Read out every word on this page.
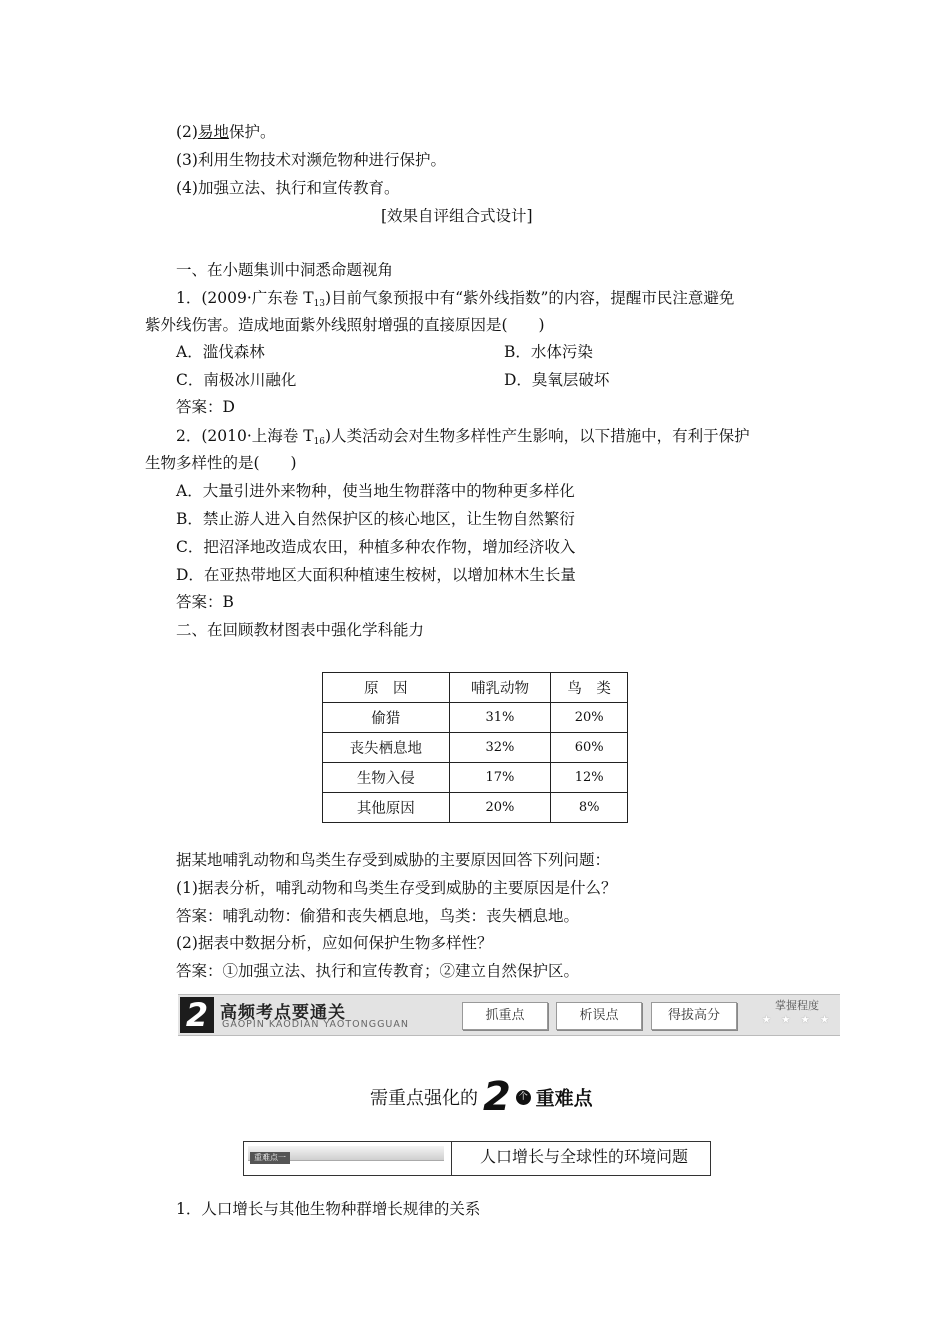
(2)易地保护。
(3)利用生物技术对濒危物种进行保护。
(4)加强立法、执行和宣传教育。
[效果自评组合式设计]
一、在小题集训中洞悉命题视角
1．(2009·广东卷 $T_{13}$)目前气象预报中有“紫外线指数”的内容，提醒市民注意避免
紫外线伤害。造成地面紫外线照射增强的直接原因是(　　)
A．滥伐森林	B．水体污染
C．南极冰川融化	D．臭氧层破坏
答案：D
2．(2010·上海卷 $T_{16}$)人类活动会对生物多样性产生影响，以下措施中，有利于保护
生物多样性的是(　　)
A．大量引进外来物种，使当地生物群落中的物种更多样化
B．禁止游人进入自然保护区的核心地区，让生物自然繁衍
C．把沼泽地改造成农田，种植多种农作物，增加经济收入
D．在亚热带地区大面积种植速生桉树，以增加林木生长量
答案：B
二、在回顾教材图表中强化学科能力
原　因	哺乳动物	鸟　类
偷猎	31%	20%
丧失栖息地	32%	60%
生物入侵	17%	12%
其他原因	20%	8%
据某地哺乳动物和鸟类生存受到威胁的主要原因回答下列问题：
(1)据表分析，哺乳动物和鸟类生存受到威胁的主要原因是什么？
答案：哺乳动物：偷猎和丧失栖息地，鸟类：丧失栖息地。
(2)据表中数据分析，应如何保护生物多样性？
答案：①加强立法、执行和宣传教育；②建立自然保护区。
2 高频考点要通关
GAOPIN KAODIAN YAOTONGGUAN
抓重点	析误点	得拔高分
掌握程度
★ ★ ★ ★
需重点强化的 2 个 重难点
重难点一	人口增长与全球性的环境问题
1．人口增长与其他生物种群增长规律的关系
